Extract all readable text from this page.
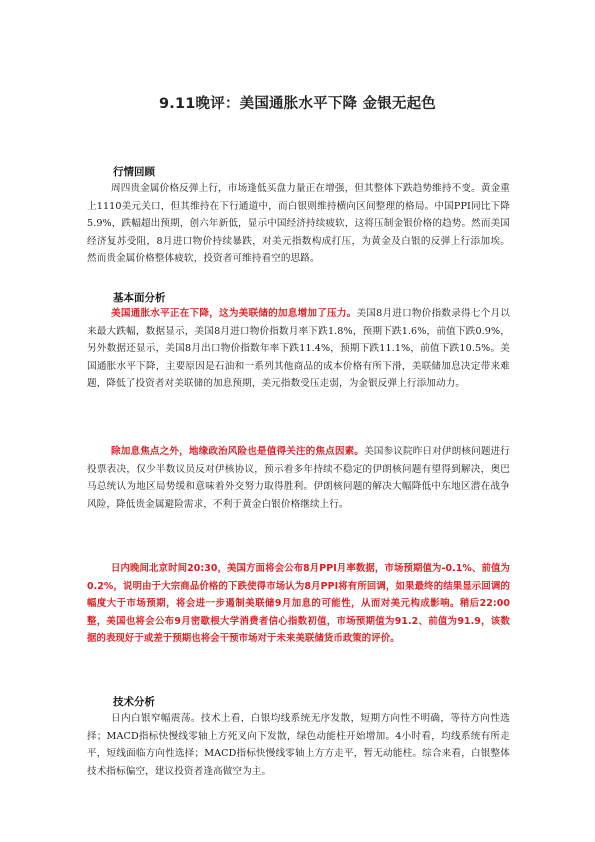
9.11晚评：美国通胀水平下降 金银无起色
行情回顾
周四贵金属价格反弹上行，市场逢低买盘力量正在增强，但其整体下跌趋势维持不变。黄金重上1110美元关口，但其维持在下行通道中，而白银则维持横向区间整理的格局。中国PPI同比下降5.9%，跌幅超出预期，创六年新低，显示中国经济持续疲软，这将压制金银价格的趋势。然而美国经济复苏受阻，8月进口物价持续暴跌，对美元指数构成打压，为黄金及白银的反弹上行添加埃。然而贵金属价格整体疲软，投资者可维持看空的思路。
基本面分析
美国通胀水平正在下降，这为美联储的加息增加了压力。美国8月进口物价指数录得七个月以来最大跌幅，数据显示，美国8月进口物价指数月率下跌1.8%，预期下跌1.6%，前值下跌0.9%，另外数据还显示，美国8月出口物价指数年率下跌11.4%，预期下跌11.1%，前值下跌10.5%。美国通胀水平下降，主要原因是石油和一系列其他商品的成本价格有所下滑，美联储加息决定带来难题，降低了投资者对美联储的加息预期，美元指数受压走弱，为金银反弹上行添加动力。
除加息焦点之外，地缘政治风险也是值得关注的焦点因素。美国参议院昨日对伊朗核问题进行投票表决，仅少半数议员反对伊核协议，预示着多年持续不稳定的伊朗核问题有望得到解决，奥巴马总统认为地区局势缓和意味着外交努力取得胜利。伊朗核问题的解决大幅降低中东地区潜在战争风险，降低贵金属避险需求，不利于黄金白银价格继续上行。
日内晚间北京时间20:30，美国方面将会公布8月PPI月率数据，市场预期值为-0.1%、前值为0.2%，说明由于大宗商品价格的下跌使得市场认为8月PPI将有所回调，如果最终的结果显示回调的幅度大于市场预期，将会进一步遏制美联储9月加息的可能性，从而对美元构成影响。稍后22:00整，美国也将会公布9月密歇根大学消费者信心指数初值，市场预期值为91.2、前值为91.9，该数据的表现好于或差于预期也将会干预市场对于未来美联储货币政策的评价。
技术分析
日内白银窄幅震荡。技术上看，白银均线系统无序发散，短期方向性不明确，等待方向性选择；MACD指标快慢线零轴上方死叉向下发散，绿色动能柱开始增加。4小时看，均线系统有所走平，短线面临方向性选择；MACD指标快慢线零轴上方方走平，暂无动能柱。综合来看，白银整体技术指标偏空，建议投资者逢高做空为主。
